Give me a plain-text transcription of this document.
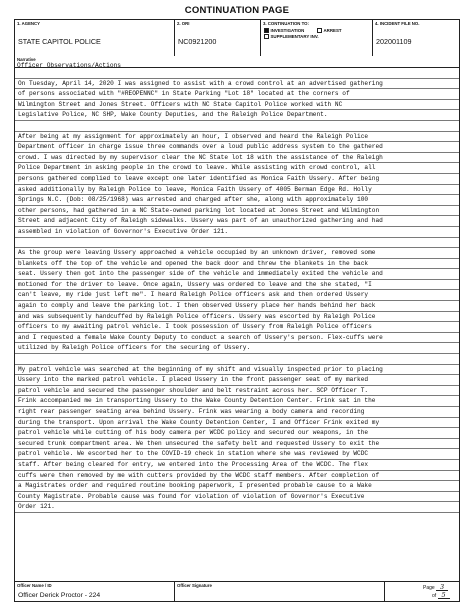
CONTINUATION PAGE
1. AGENCY
STATE CAPITOL POLICE
2. ORI
NC0921200
3. CONTINUATION TO:
INVESTIGATION	ARREST
SUPPLEMENTARY INV.
4. INCIDENT FILE NO.
202001109
Narrative
Officer Observations/Actions
On Tuesday, April 14, 2020 I was assigned to assist with a crowd control at an advertised gathering
of persons associated with "#REOPENNC" in State Parking "Lot 18" located at the corners of
Wilmington Street and Jones Street. Officers with NC State Capitol Police worked with NC
Legislative Police, NC SHP, Wake County Deputies, and the Raleigh Police Department.
After being at my assignment for approximately an hour, I observed and heard the Raleigh Police
Department officer in charge issue three commands over a loud public address system to the gathered
crowd. I was directed by my supervisor clear the NC State lot 18 with the assistance of the Raleigh
Police Department in asking people in the crowd to leave. While assisting with crowd control, all
persons gathered complied to leave except one later identified as Monica Faith Ussery. After being
asked additionally by Raleigh Police to leave, Monica Faith Ussery of 4005 Berman Edge Rd. Holly
Springs N.C. (Dob: 08/25/1968) was arrested and charged after she, along with approximately 100
other persons, had gathered in a NC State-owned parking lot located at Jones Street and Wilmington
Street and adjacent City of Raleigh sidewalks. Ussery was part of an unauthorized gathering and had
assembled in violation of Governor's Executive Order 121.
As the group were leaving Ussery approached a vehicle occupied by an unknown driver, removed some
blankets off the top of the vehicle and opened the back door and threw the blankets in the back
seat. Ussery then got into the passenger side of the vehicle and immediately exited the vehicle and
motioned for the driver to leave. Once again, Ussery was ordered to leave and the she stated, "I
can't leave, my ride just left me". I heard Raleigh Police officers ask and then ordered Ussery
again to comply and leave the parking lot. I then observed Ussery place her hands behind her back
and was subsequently handcuffed by Raleigh Police officers. Ussery was escorted by Raleigh Police
officers to my awaiting patrol vehicle. I took possession of Ussery from Raleigh Police officers
and I requested a female Wake County Deputy to conduct a search of Ussery's person. Flex-cuffs were
utilized by Raleigh Police officers for the securing of Ussery.
My patrol vehicle was searched at the beginning of my shift and visually inspected prior to placing
Ussery into the marked patrol vehicle. I placed Ussery in the front passenger seat of my marked
patrol vehicle and secured the passenger shoulder and belt restraint across her. SCP Officer T.
Frink accompanied me in transporting Ussery to the Wake County Detention Center. Frink sat in the
right rear passenger seating area behind Ussery. Frink was wearing a body camera and recording
during the transport. Upon arrival the Wake County Detention Center, I and Officer Frink exited my
patrol vehicle while cutting of his body camera per WCDC policy and secured our weapons, in the
secured trunk compartment area. We then unsecured the safety belt and requested Ussery to exit the
patrol vehicle. We escorted her to the COVID-19 check in station where she was reviewed by WCDC
staff. After being cleared for entry, we entered into the Processing Area of the WCDC. The flex
cuffs were then removed by me with cutters provided by the WCDC staff members. After completion of
a Magistrates order and required routine booking paperwork, I presented probable cause to a Wake
County Magistrate. Probable cause was found for violation of violation of Governor's Executive
Order 121.
Officer Name / ID
Officer Derick Proctor - 224
Officer Signature	Page 3
of 5
